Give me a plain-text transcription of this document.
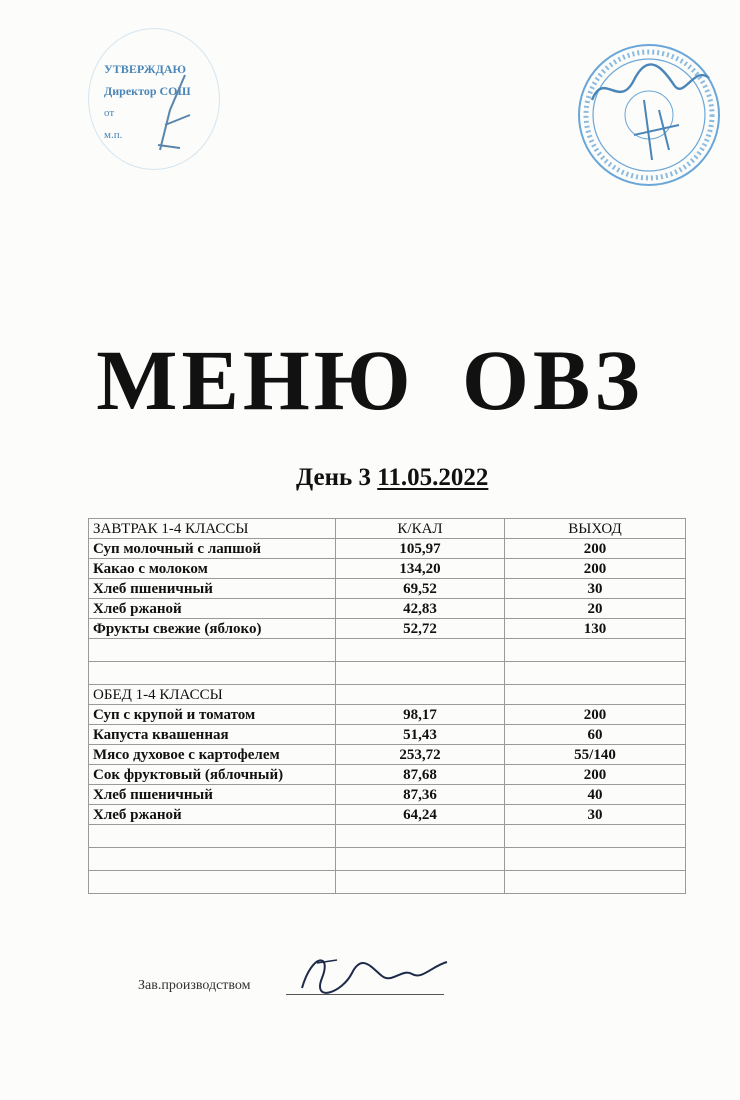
УТВЕРЖДАЮ
Директор СОШ
от
м.п.
МЕНЮ ОВЗ
День 3 11.05.2022
ЗАВТРАК 1-4 КЛАССЫ	К/КАЛ	ВЫХОД
Суп молочный с лапшой	105,97	200
Какао с молоком	134,20	200
Хлеб пшеничный	69,52	30
Хлеб ржаной	42,83	20
Фрукты свежие (яблоко)	52,72	130

ОБЕД 1-4 КЛАССЫ		
Суп с крупой и томатом	98,17	200
Капуста квашенная	51,43	60
Мясо духовое с картофелем	253,72	55/140
Сок фруктовый (яблочный)	87,68	200
Хлеб пшеничный	87,36	40
Хлеб ржаной	64,24	30

Зав.производством
